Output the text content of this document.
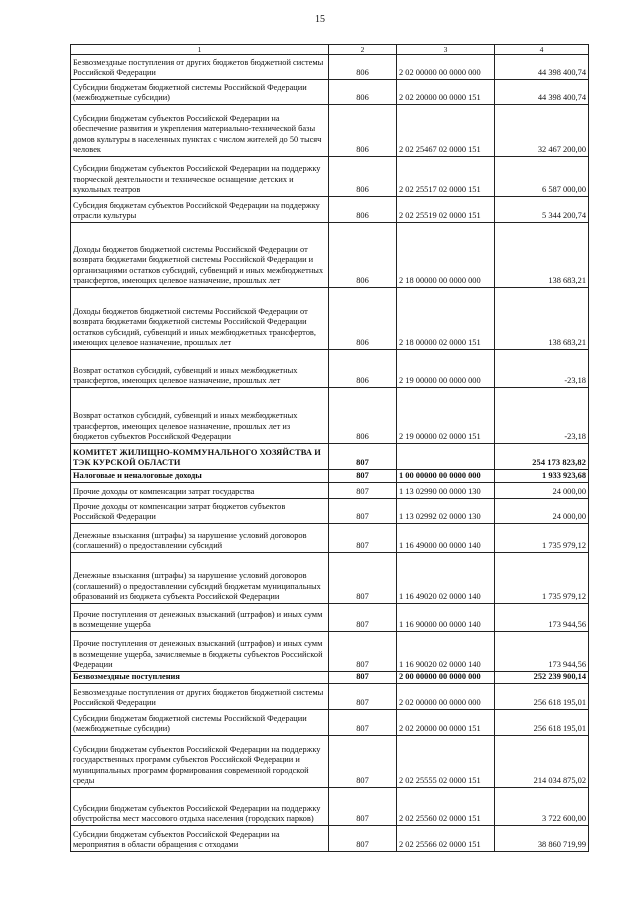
15
1	2	3	4
Безвозмездные поступления от других бюджетов бюджетной системы Российской Федерации	806	2 02 00000 00 0000 000	44 398 400,74
Субсидии бюджетам бюджетной системы Российской Федерации (межбюджетные субсидии)	806	2 02 20000 00 0000 151	44 398 400,74
Субсидии бюджетам субъектов Российской Федерации на обеспечение развития и укрепления материально-технической базы домов культуры в населенных пунктах с числом жителей до 50 тысяч человек	806	2 02 25467 02 0000 151	32 467 200,00
Субсидии бюджетам субъектов Российской Федерации на поддержку творческой деятельности и техническое оснащение детских и кукольных театров	806	2 02 25517 02 0000 151	6 587 000,00
Субсидия бюджетам субъектов Российской Федерации на поддержку отрасли культуры	806	2 02 25519 02 0000 151	5 344 200,74
Доходы бюджетов бюджетной системы Российской Федерации от возврата бюджетами бюджетной системы Российской Федерации и организациями остатков субсидий, субвенций и иных межбюджетных трансфертов, имеющих целевое назначение, прошлых лет	806	2 18 00000 00 0000 000	138 683,21
Доходы бюджетов бюджетной системы Российской Федерации от возврата бюджетами бюджетной системы Российской Федерации остатков субсидий, субвенций и иных межбюджетных трансфертов, имеющих целевое назначение, прошлых лет	806	2 18 00000 02 0000 151	138 683,21
Возврат остатков субсидий, субвенций и иных межбюджетных трансфертов, имеющих целевое назначение, прошлых лет	806	2 19 00000 00 0000 000	-23,18
Возврат остатков субсидий, субвенций и иных межбюджетных трансфертов, имеющих целевое назначение, прошлых лет из бюджетов субъектов Российской Федерации	806	2 19 00000 02 0000 151	-23,18
КОМИТЕТ ЖИЛИЩНО-КОММУНАЛЬНОГО ХОЗЯЙСТВА И ТЭК КУРСКОЙ ОБЛАСТИ	807		254 173 823,82
Налоговые и неналоговые доходы	807	1 00 00000 00 0000 000	1 933 923,68
Прочие доходы от компенсации затрат государства	807	1 13 02990 00 0000 130	24 000,00
Прочие доходы от компенсации затрат бюджетов субъектов Российской Федерации	807	1 13 02992 02 0000 130	24 000,00
Денежные взыскания (штрафы) за нарушение условий договоров (соглашений) о предоставлении субсидий	807	1 16 49000 00 0000 140	1 735 979,12
Денежные взыскания (штрафы) за нарушение условий договоров (соглашений) о предоставлении субсидий бюджетам муниципальных образований из бюджета субъекта Российской Федерации	807	1 16 49020 02 0000 140	1 735 979,12
Прочие поступления от денежных взысканий (штрафов) и иных сумм в возмещение ущерба	807	1 16 90000 00 0000 140	173 944,56
Прочие поступления от денежных взысканий (штрафов) и иных сумм в возмещение ущерба, зачисляемые в бюджеты субъектов Российской Федерации	807	1 16 90020 02 0000 140	173 944,56
Безвозмездные поступления	807	2 00 00000 00 0000 000	252 239 900,14
Безвозмездные поступления от других бюджетов бюджетной системы Российской Федерации	807	2 02 00000 00 0000 000	256 618 195,01
Субсидии бюджетам бюджетной системы Российской Федерации (межбюджетные субсидии)	807	2 02 20000 00 0000 151	256 618 195,01
Субсидии бюджетам субъектов Российской Федерации на поддержку государственных программ субъектов Российской Федерации и муниципальных программ формирования современной городской среды	807	2 02 25555 02 0000 151	214 034 875,02
Субсидии бюджетам субъектов Российской Федерации на поддержку обустройства мест массового отдыха населения (городских парков)	807	2 02 25560 02 0000 151	3 722 600,00
Субсидии бюджетам субъектов Российской Федерации на мероприятия в области обращения с отходами	807	2 02 25566 02 0000 151	38 860 719,99
